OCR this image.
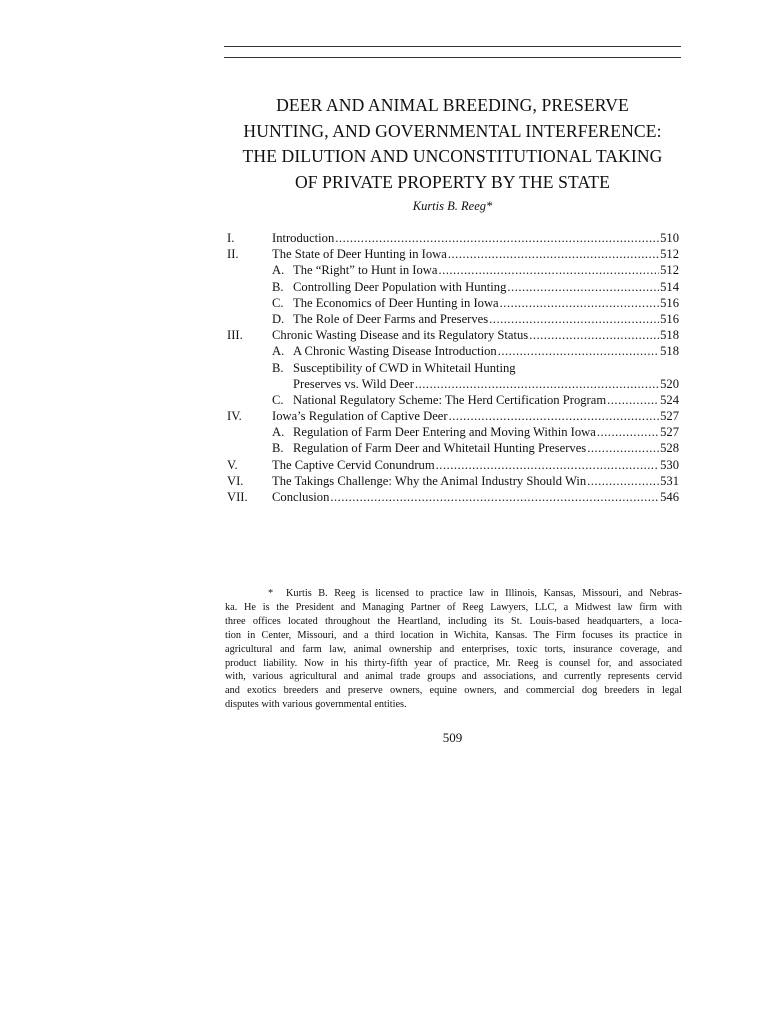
DEER AND ANIMAL BREEDING, PRESERVE
HUNTING, AND GOVERNMENTAL INTERFERENCE:
THE DILUTION AND UNCONSTITUTIONAL TAKING
OF PRIVATE PROPERTY BY THE STATE
Kurtis B. Reeg*
I.	Introduction .....	510
II.	The State of Deer Hunting in Iowa .....	512
A. The “Right” to Hunt in Iowa .....	512
B. Controlling Deer Population with Hunting .....	514
C. The Economics of Deer Hunting in Iowa .....	516
D. The Role of Deer Farms and Preserves .....	516
III. Chronic Wasting Disease and its Regulatory Status .....	518
A. A Chronic Wasting Disease Introduction .....	518
B. Susceptibility of CWD in Whitetail Hunting
Preserves vs. Wild Deer .....	520
C. National Regulatory Scheme: The Herd Certification Program .....	524
IV. Iowa’s Regulation of Captive Deer .....	527
A. Regulation of Farm Deer Entering and Moving Within Iowa .....	527
B. Regulation of Farm Deer and Whitetail Hunting Preserves .....	528
V.	The Captive Cervid Conundrum .....	530
VI. The Takings Challenge: Why the Animal Industry Should Win .....	531
VII. Conclusion .....	546
* Kurtis B. Reeg is licensed to practice law in Illinois, Kansas, Missouri, and Nebras-
ka. He is the President and Managing Partner of Reeg Lawyers, LLC, a Midwest law firm with
three offices located throughout the Heartland, including its St. Louis-based headquarters, a loca-
tion in Center, Missouri, and a third location in Wichita, Kansas. The Firm focuses its practice in
agricultural and farm law, animal ownership and enterprises, toxic torts, insurance coverage, and
product liability. Now in his thirty-fifth year of practice, Mr. Reeg is counsel for, and associated
with, various agricultural and animal trade groups and associations, and currently represents cervid
and exotics breeders and preserve owners, equine owners, and commercial dog breeders in legal
disputes with various governmental entities.
509
